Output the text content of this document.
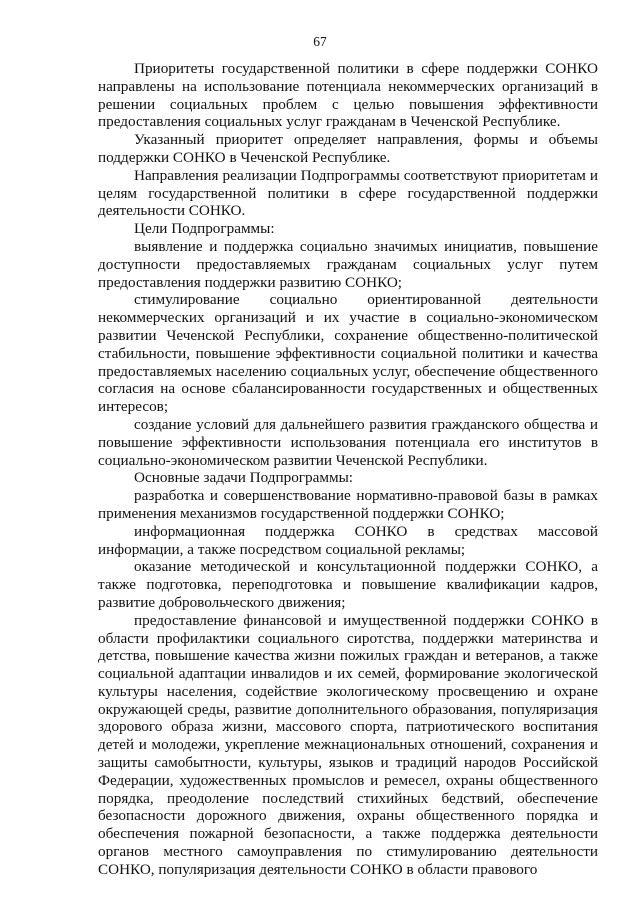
67

Приоритеты государственной политики в сфере поддержки СОНКО направлены на использование потенциала некоммерческих организаций в решении социальных проблем с целью повышения эффективности предоставления социальных услуг гражданам в Чеченской Республике.

Указанный приоритет определяет направления, формы и объемы поддержки СОНКО в Чеченской Республике.

Направления реализации Подпрограммы соответствуют приоритетам и целям государственной политики в сфере государственной поддержки деятельности СОНКО.

Цели Подпрограммы:

выявление и поддержка социально значимых инициатив, повышение доступности предоставляемых гражданам социальных услуг путем предоставления поддержки развитию СОНКО;

стимулирование социально ориентированной деятельности некоммерческих организаций и их участие в социально-экономическом развитии Чеченской Республики, сохранение общественно-политической стабильности, повышение эффективности социальной политики и качества предоставляемых населению социальных услуг, обеспечение общественного согласия на основе сбалансированности государственных и общественных интересов;

создание условий для дальнейшего развития гражданского общества и повышение эффективности использования потенциала его институтов в социально-экономическом развитии Чеченской Республики.

Основные задачи Подпрограммы:

разработка и совершенствование нормативно-правовой базы в рамках применения механизмов государственной поддержки СОНКО;

информационная поддержка СОНКО в средствах массовой информации, а также посредством социальной рекламы;

оказание методической и консультационной поддержки СОНКО, а также подготовка, переподготовка и повышение квалификации кадров, развитие добровольческого движения;

предоставление финансовой и имущественной поддержки СОНКО в области профилактики социального сиротства, поддержки материнства и детства, повышение качества жизни пожилых граждан и ветеранов, а также социальной адаптации инвалидов и их семей, формирование экологической культуры населения, содействие экологическому просвещению и охране окружающей среды, развитие дополнительного образования, популяризация здорового образа жизни, массового спорта, патриотического воспитания детей и молодежи, укрепление межнациональных отношений, сохранения и защиты самобытности, культуры, языков и традиций народов Российской Федерации, художественных промыслов и ремесел, охраны общественного порядка, преодоление последствий стихийных бедствий, обеспечение безопасности дорожного движения, охраны общественного порядка и обеспечения пожарной безопасности, а также поддержка деятельности органов местного самоуправления по стимулированию деятельности СОНКО, популяризация деятельности СОНКО в области правового
